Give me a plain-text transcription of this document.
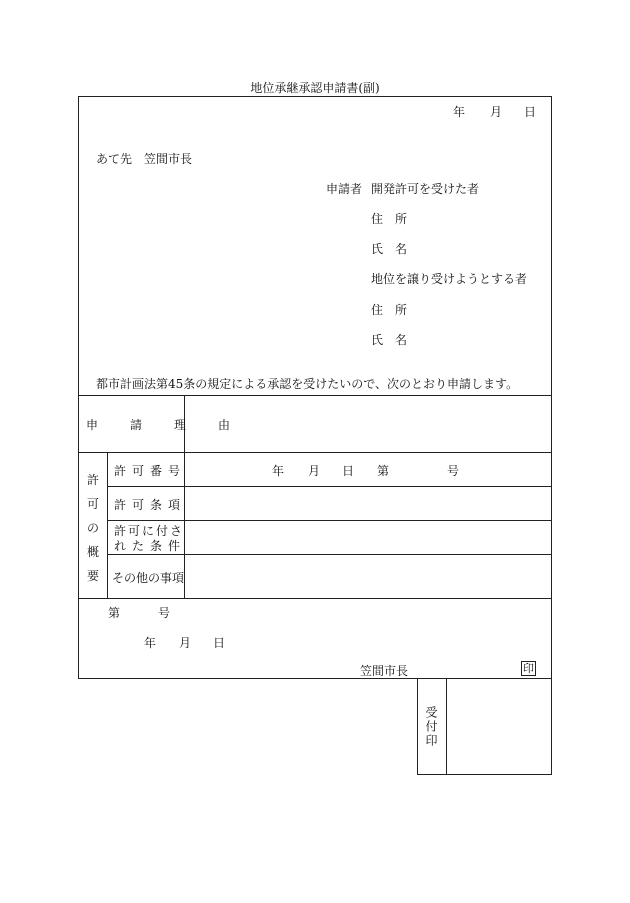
地位承継承認申請書(副)
年 月 日
あて先　笠間市長
申請者 開発許可を受けた者
住　所
氏　名
地位を譲り受けようとする者
住　所
氏　名
都市計画法第45条の規定による承認を受けたいので、次のとおり申請します。
申　請　理　由
許可の概要
許可番号	年 月 日 第	号
許可条項
許可に付さ
れた条件
その他の事項
第	号
年 月 日
笠間市長	印
受付印
